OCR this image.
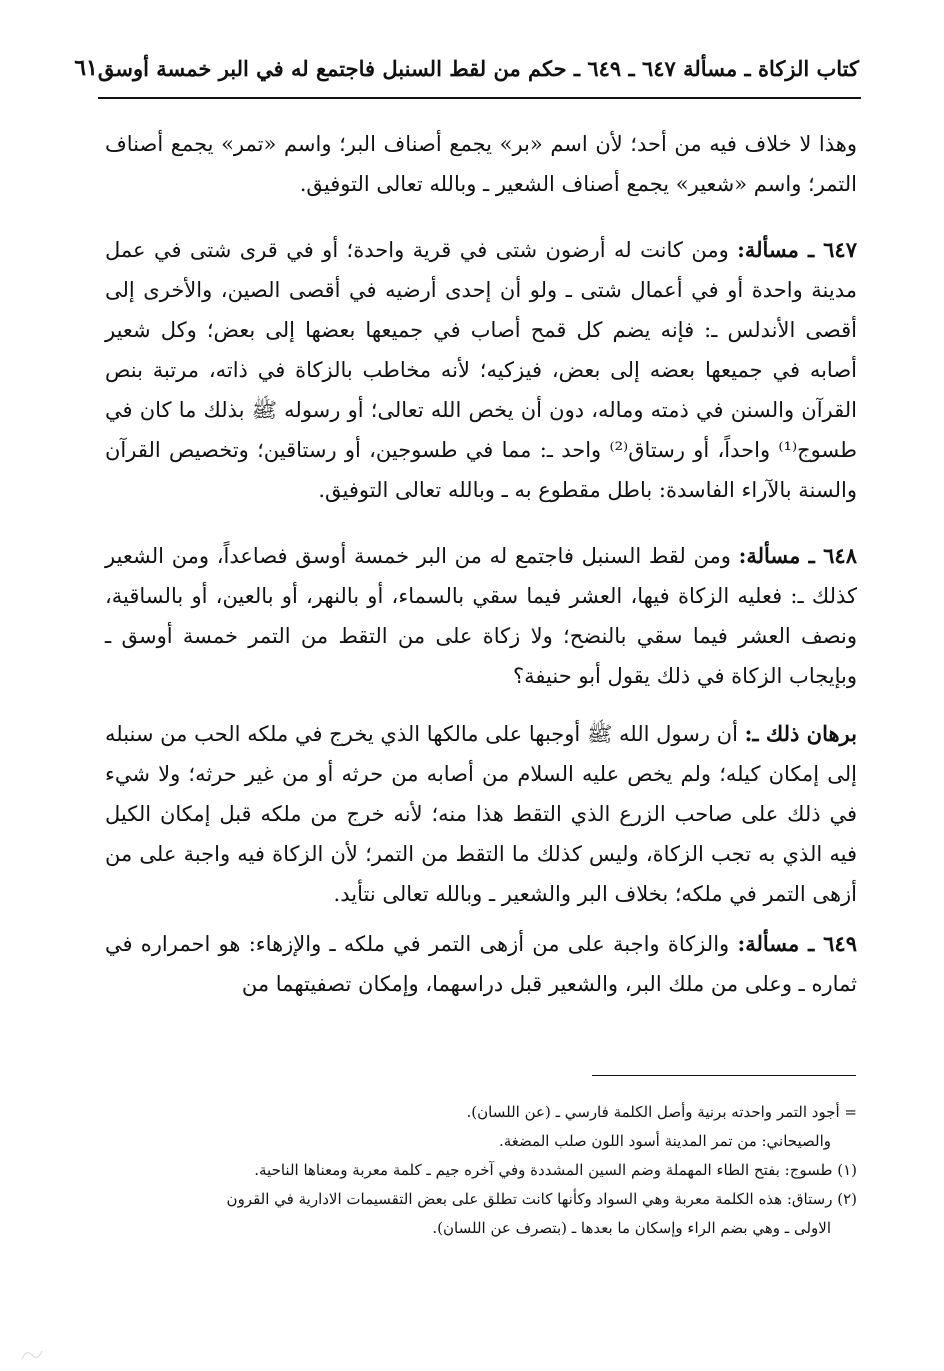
كتاب الزكاة ـ مسألة ٦٤٧ ـ ٦٤٩ ـ حكم من لقط السنبل فاجتمع له في البر خمسة أوسق
٦١

وهذا لا خلاف فيه من أحد؛ لأن اسم «بر» يجمع أصناف البر؛ واسم «تمر» يجمع أصناف التمر؛ واسم «شعير» يجمع أصناف الشعير ـ وبالله تعالى التوفيق.

٦٤٧ ـ مسألة: ومن كانت له أرضون شتى في قرية واحدة؛ أو في قرى شتى في عمل مدينة واحدة أو في أعمال شتى ـ ولو أن إحدى أرضيه في أقصى الصين، والأخرى إلى أقصى الأندلس ـ: فإنه يضم كل قمح أصاب في جميعها بعضها إلى بعض؛ وكل شعير أصابه في جميعها بعضه إلى بعض، فيزكيه؛ لأنه مخاطب بالزكاة في ذاته، مرتبة بنص القرآن والسنن في ذمته وماله، دون أن يخص الله تعالى؛ أو رسوله ﷺ بذلك ما كان في طسوج⁽¹⁾ واحداً، أو رستاق⁽²⁾ واحد ـ: مما في طسوجين، أو رستاقين؛ وتخصيص القرآن والسنة بالآراء الفاسدة: باطل مقطوع به ـ وبالله تعالى التوفيق.

٦٤٨ ـ مسألة: ومن لقط السنبل فاجتمع له من البر خمسة أوسق فصاعداً، ومن الشعير كذلك ـ: فعليه الزكاة فيها، العشر فيما سقي بالسماء، أو بالنهر، أو بالعين، أو بالساقية، ونصف العشر فيما سقي بالنضح؛ ولا زكاة على من التقط من التمر خمسة أوسق ـ وبإيجاب الزكاة في ذلك يقول أبو حنيفة؟

برهان ذلك ـ: أن رسول الله ﷺ أوجبها على مالكها الذي يخرج في ملكه الحب من سنبله إلى إمكان كيله؛ ولم يخص عليه السلام من أصابه من حرثه أو من غير حرثه؛ ولا شيء في ذلك على صاحب الزرع الذي التقط هذا منه؛ لأنه خرج من ملكه قبل إمكان الكيل فيه الذي به تجب الزكاة، وليس كذلك ما التقط من التمر؛ لأن الزكاة فيه واجبة على من أزهى التمر في ملكه؛ بخلاف البر والشعير ـ وبالله تعالى نتأيد.

٦٤٩ ـ مسألة: والزكاة واجبة على من أزهى التمر في ملكه ـ والإزهاء: هو احمراره في ثماره ـ وعلى من ملك البر، والشعير قبل دراسهما، وإمكان تصفيتهما من

= أجود التمر واحدته برنية وأصل الكلمة فارسي ـ (عن اللسان).

والصيحاني: من تمر المدينة أسود اللون صلب المضغة.

(١) طسوج: بفتح الطاء المهملة وضم السين المشددة وفي آخره جيم ـ كلمة معربة ومعناها الناحية.

(٢) رستاق: هذه الكلمة معربة وهي السواد وكأنها كانت تطلق على بعض التقسيمات الادارية في القرون

الاولى ـ وهي بضم الراء وإسكان ما بعدها ـ (بتصرف عن اللسان).
